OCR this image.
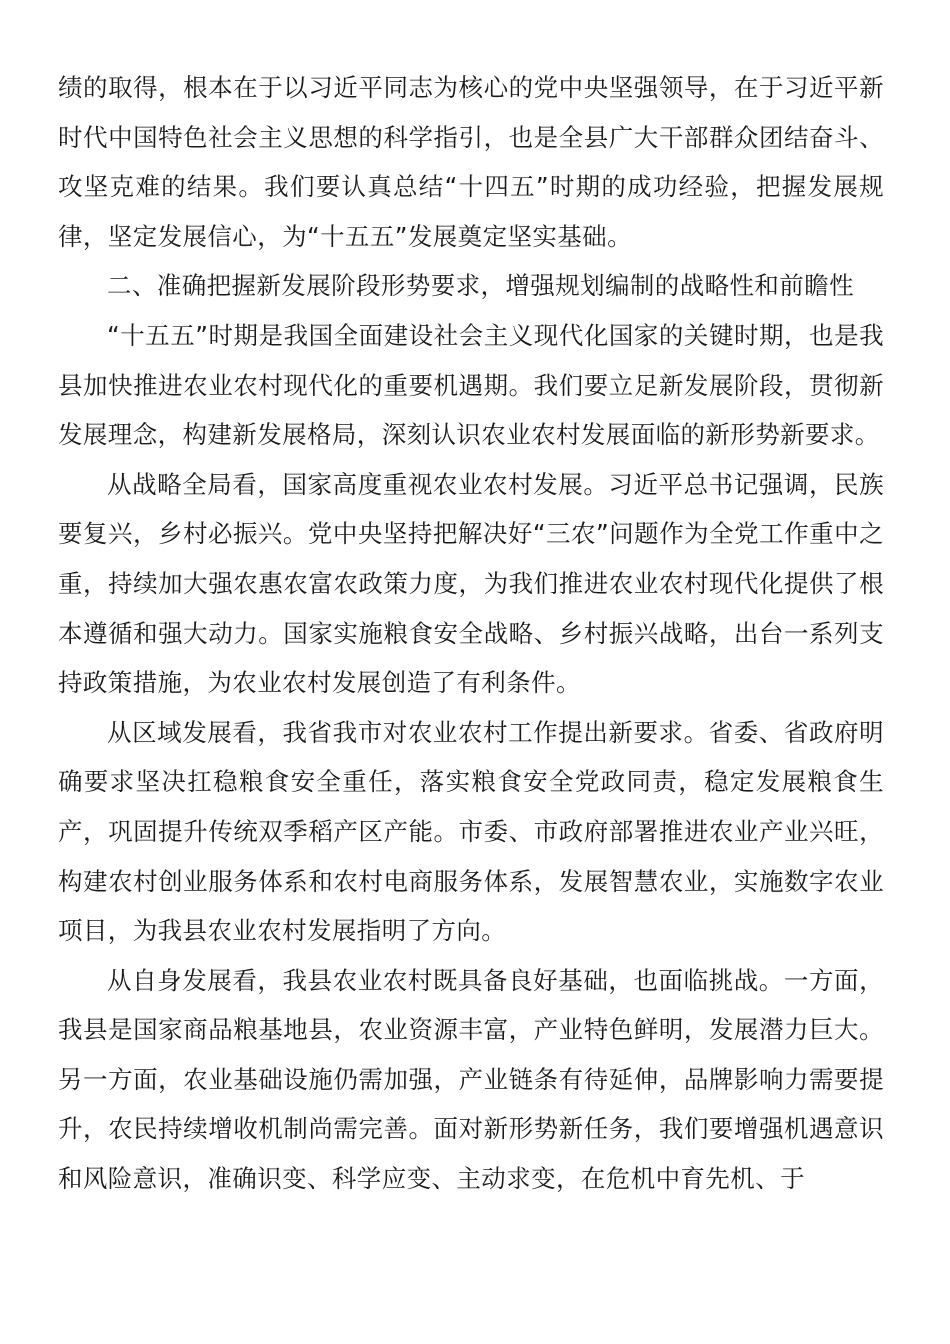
绩的取得，根本在于以习近平同志为核心的党中央坚强领导，在于习近平新时代中国特色社会主义思想的科学指引，也是全县广大干部群众团结奋斗、攻坚克难的结果。我们要认真总结“十四五”时期的成功经验，把握发展规律，坚定发展信心，为“十五五”发展奠定坚实基础。

二、准确把握新发展阶段形势要求，增强规划编制的战略性和前瞻性

“十五五”时期是我国全面建设社会主义现代化国家的关键时期，也是我县加快推进农业农村现代化的重要机遇期。我们要立足新发展阶段，贯彻新发展理念，构建新发展格局，深刻认识农业农村发展面临的新形势新要求。

从战略全局看，国家高度重视农业农村发展。习近平总书记强调，民族要复兴，乡村必振兴。党中央坚持把解决好“三农”问题作为全党工作重中之重，持续加大强农惠农富农政策力度，为我们推进农业农村现代化提供了根本遵循和强大动力。国家实施粮食安全战略、乡村振兴战略，出台一系列支持政策措施，为农业农村发展创造了有利条件。

从区域发展看，我省我市对农业农村工作提出新要求。省委、省政府明确要求坚决扛稳粮食安全重任，落实粮食安全党政同责，稳定发展粮食生产，巩固提升传统双季稻产区产能。市委、市政府部署推进农业产业兴旺，构建农村创业服务体系和农村电商服务体系，发展智慧农业，实施数字农业项目，为我县农业农村发展指明了方向。

从自身发展看，我县农业农村既具备良好基础，也面临挑战。一方面，我县是国家商品粮基地县，农业资源丰富，产业特色鲜明，发展潜力巨大。另一方面，农业基础设施仍需加强，产业链条有待延伸，品牌影响力需要提升，农民持续增收机制尚需完善。面对新形势新任务，我们要增强机遇意识和风险意识，准确识变、科学应变、主动求变，在危机中育先机、于
